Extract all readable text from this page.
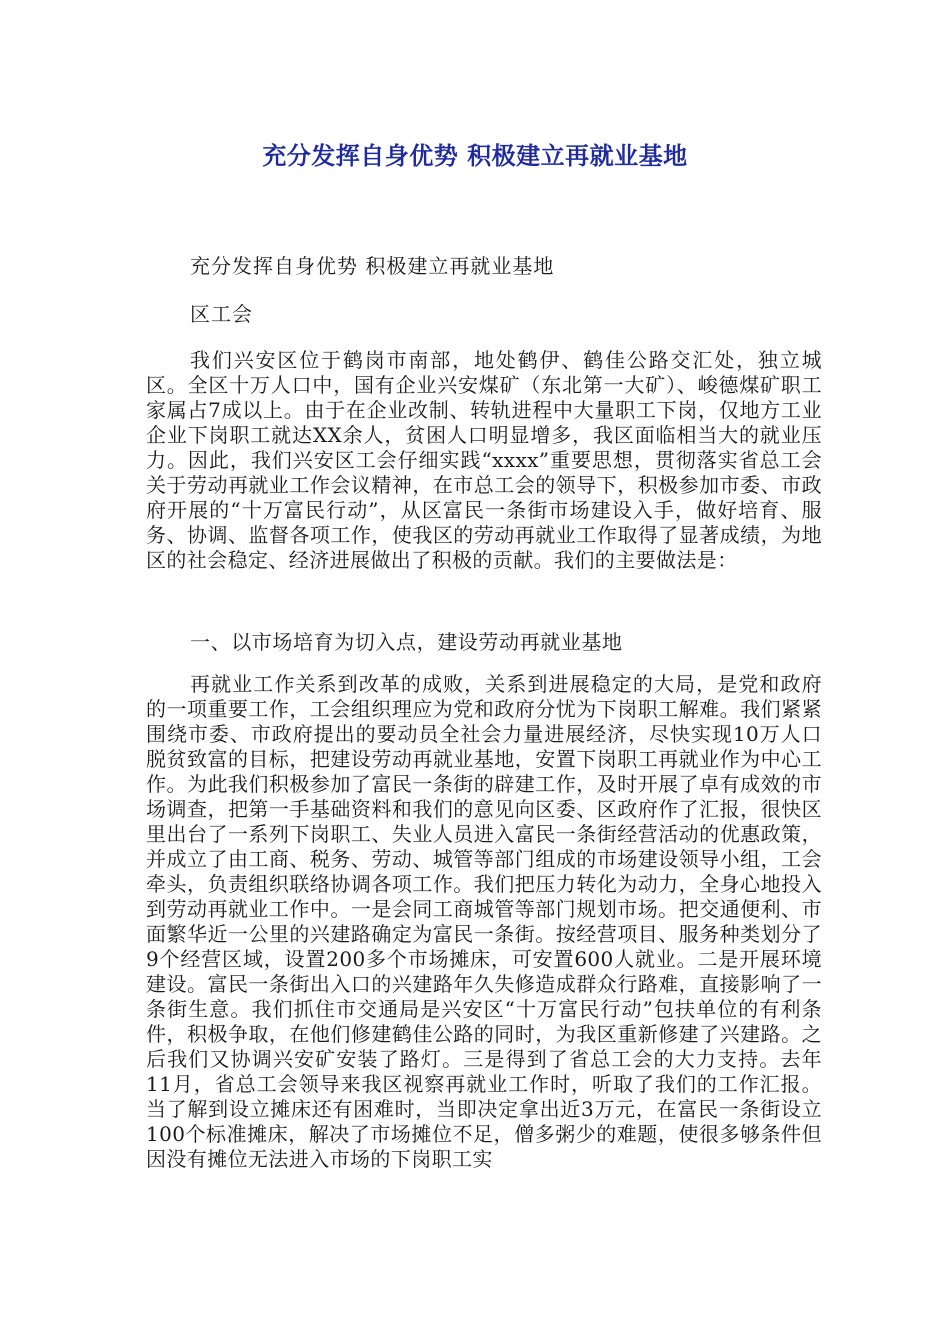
充分发挥自身优势 积极建立再就业基地
充分发挥自身优势 积极建立再就业基地
区工会
我们兴安区位于鹤岗市南部，地处鹤伊、鹤佳公路交汇处，独立城区。全区十万人口中，国有企业兴安煤矿（东北第一大矿）、峻德煤矿职工家属占7成以上。由于在企业改制、转轨进程中大量职工下岗，仅地方工业企业下岗职工就达XX余人，贫困人口明显增多，我区面临相当大的就业压力。因此，我们兴安区工会仔细实践“xxxx”重要思想，贯彻落实省总工会关于劳动再就业工作会议精神，在市总工会的领导下，积极参加市委、市政府开展的“十万富民行动”，从区富民一条街市场建设入手，做好培育、服务、协调、监督各项工作，使我区的劳动再就业工作取得了显著成绩，为地区的社会稳定、经济进展做出了积极的贡献。我们的主要做法是：
一、以市场培育为切入点，建设劳动再就业基地
再就业工作关系到改革的成败，关系到进展稳定的大局，是党和政府的一项重要工作，工会组织理应为党和政府分忧为下岗职工解难。我们紧紧围绕市委、市政府提出的要动员全社会力量进展经济，尽快实现10万人口脱贫致富的目标，把建设劳动再就业基地，安置下岗职工再就业作为中心工作。为此我们积极参加了富民一条街的辟建工作，及时开展了卓有成效的市场调查，把第一手基础资料和我们的意见向区委、区政府作了汇报，很快区里出台了一系列下岗职工、失业人员进入富民一条街经营活动的优惠政策，并成立了由工商、税务、劳动、城管等部门组成的市场建设领导小组，工会牵头，负责组织联络协调各项工作。我们把压力转化为动力，全身心地投入到劳动再就业工作中。一是会同工商城管等部门规划市场。把交通便利、市面繁华近一公里的兴建路确定为富民一条街。按经营项目、服务种类划分了9个经营区域，设置200多个市场摊床，可安置600人就业。二是开展环境建设。富民一条街出入口的兴建路年久失修造成群众行路难，直接影响了一条街生意。我们抓住市交通局是兴安区“十万富民行动”包扶单位的有利条件，积极争取，在他们修建鹤佳公路的同时，为我区重新修建了兴建路。之后我们又协调兴安矿安装了路灯。三是得到了省总工会的大力支持。去年11月，省总工会领导来我区视察再就业工作时，听取了我们的工作汇报。当了解到设立摊床还有困难时，当即决定拿出近3万元，在富民一条街设立100个标准摊床，解决了市场摊位不足，僧多粥少的难题，使很多够条件但因没有摊位无法进入市场的下岗职工实
